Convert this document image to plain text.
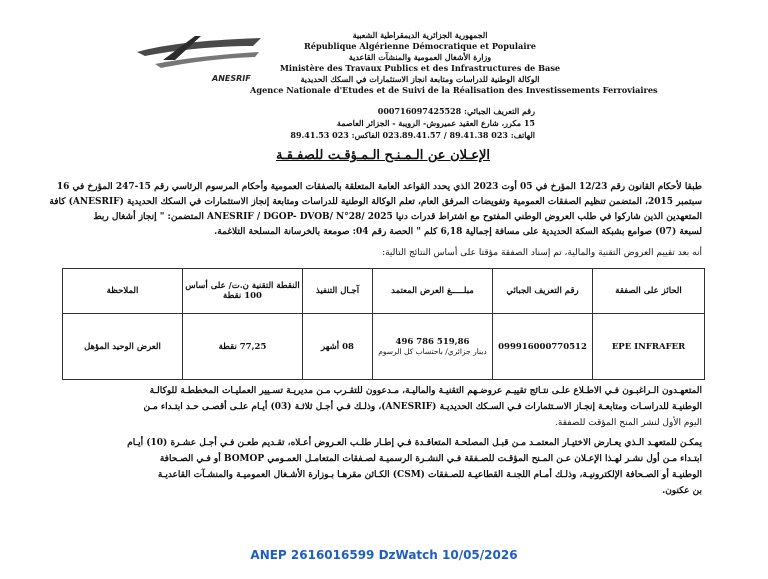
ANESRIF
الجمهورية الجزائرية الديمقراطية الشعبية
République Algérienne Démocratique et Populaire
وزارة الأشغال العمومية والمنشآت القاعدية
Ministère des Travaux Publics et des Infrastructures de Base
الوكالة الوطنية للدراسات ومتابعة انجاز الاستثمارات في السكك الحديدية
Agence Nationale d'Etudes et de Suivi de la Réalisation des Investissements Ferroviaires
رقم التعريف الجبائي: 000716097425528
15 مكرر، شارع العقيد عميروش- الرويبة - الجزائر العاصمة
الهاتف: 023 89.41.38 / 023.89.41.57 الفاكس: 023 89.41.53
الإعـلان عن الـمـنـح الـمـؤقـت للصفـقـة
طبقا لأحكام القانون رقم 12/23 المؤرخ في 05 أوت 2023 الذي يحدد القواعد العامة المتعلقة بالصفقات العمومية وأحكام المرسوم الرئاسي رقم 15-247 المؤرخ في 16
سبتمبر 2015، المتضمن تنظيم الصفقات العمومية وتفويضات المرفق العام، تعلم الوكالة الوطنية للدراسات ومتابعة إنجاز الاستثمارات في السكك الحديدية (ANESRIF) كافة
المتعهدين الذين شاركوا في طلب العروض الوطني المفتوح مع اشتراط قدرات دنيا ANESRIF / DGOP- DVOB/ N°28/ 2025 المتضمن: " إنجاز أشغال ربط
لسبعة (07) صوامع بشبكة السكة الحديدية على مسافة إجمالية 6,18 كلم " الحصة رقم 04: صومعة بالخرسانة المسلحة التلاغمة.
أنه بعد تقييم العروض التقنية والمالية، تم إسناد الصفقة مؤقتا على أساس النتائج التالية:
الحائز على الصفقة	رقم التعريف الجبائي	مبلـــــغ العرض المعتمد	آجـال التنفيذ	النقطة التقنية ن.ت/ على أساس 100 نقطة	الملاحظة
EPE INFRAFER	099916000770512	496 786 519,86
دينار جزائري/ باحتساب كل الرسوم	08 أشهر	77,25 نقطة	العرض الوحيد المؤهل
المتعهـدون الـراغبـون فـي الاطـلاع علـى نتـائج تقييـم عروضـهم التقنيـة والماليـة، مـدعوون للتقـرب مـن مديريـة تسـيير العمليـات المخططـة للوكالـة
الوطنيـة للدراسـات ومتابعـة إنجـاز الاسـتثمارات فـي السـكك الحديديـة (ANESRIF)، وذلـك فـي أجـل ثلاثـة (03) أيـام علـى أقصـى حـد ابتـداء مـن
اليوم الأول لنشر المنح المؤقت للصفقة.
يمكـن للمتعهـد الـذي يعـارض الاختيـار المعتمـد مـن قبـل المصلحـة المتعاقـدة فـي إطـار طلـب العـروض أعـلاه، تقـديم طعـن فـي أجـل عشـرة (10) أيـام
ابتـداء مـن أول نشـر لهـذا الإعـلان عـن المـنح المؤقـت للصـفقة فـي النشـرة الرسميـة لصـفقات المتعامـل العمـومي BOMOP أو فـي الصـحافة
الوطنيـة أو الصـحافة الإلكترونيـة، وذلـك أمـام اللجنـة القطاعيـة للصـفقات (CSM) الكـائن مقرهـا بـوزارة الأشـغال العموميـة والمنشـآت القاعديـة
بن عكنون.
ANEP 2616016599 DzWatch 10/05/2026
